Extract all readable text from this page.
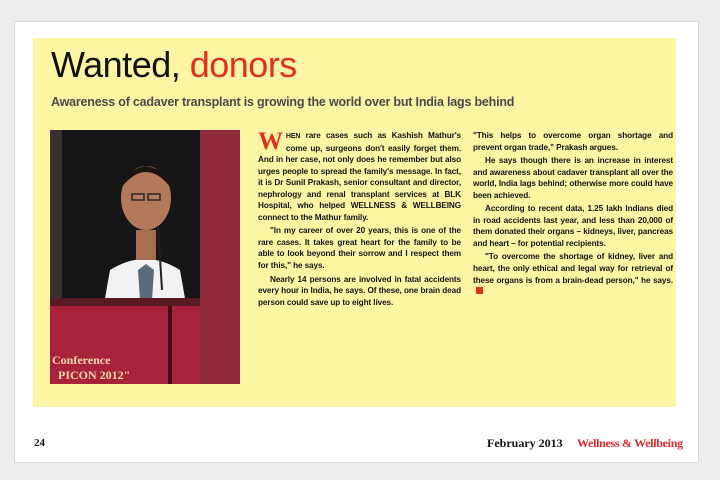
Wanted, donors

Awareness of cadaver transplant is growing the world over but India lags behind

Conference
PICON 2012"

WHEN rare cases such as Kashish Mathur's come up, surgeons don't easily forget them. And in her case, not only does he remember but also urges people to spread the family's message. In fact, it is Dr Sunil Prakash, senior consultant and director, nephrology and renal transplant services at BLK Hospital, who helped WELLNESS & WELLBEING connect to the Mathur family.

"In my career of over 20 years, this is one of the rare cases. It takes great heart for the family to be able to look beyond their sorrow and I respect them for this," he says.

Nearly 14 persons are involved in fatal accidents every hour in India, he says. Of these, one brain dead person could save up to eight lives.

"This helps to overcome organ shortage and prevent organ trade," Prakash argues.

He says though there is an increase in interest and awareness about cadaver transplant all over the world, India lags behind; otherwise more could have been achieved.

According to recent data, 1.25 lakh Indians died in road accidents last year, and less than 20,000 of them donated their organs – kidneys, liver, pancreas and heart – for potential recipients.

"To overcome the shortage of kidney, liver and heart, the only ethical and legal way for retrieval of these organs is from a brain-dead person," he says.

24	February 2013 Wellness & Wellbeing
